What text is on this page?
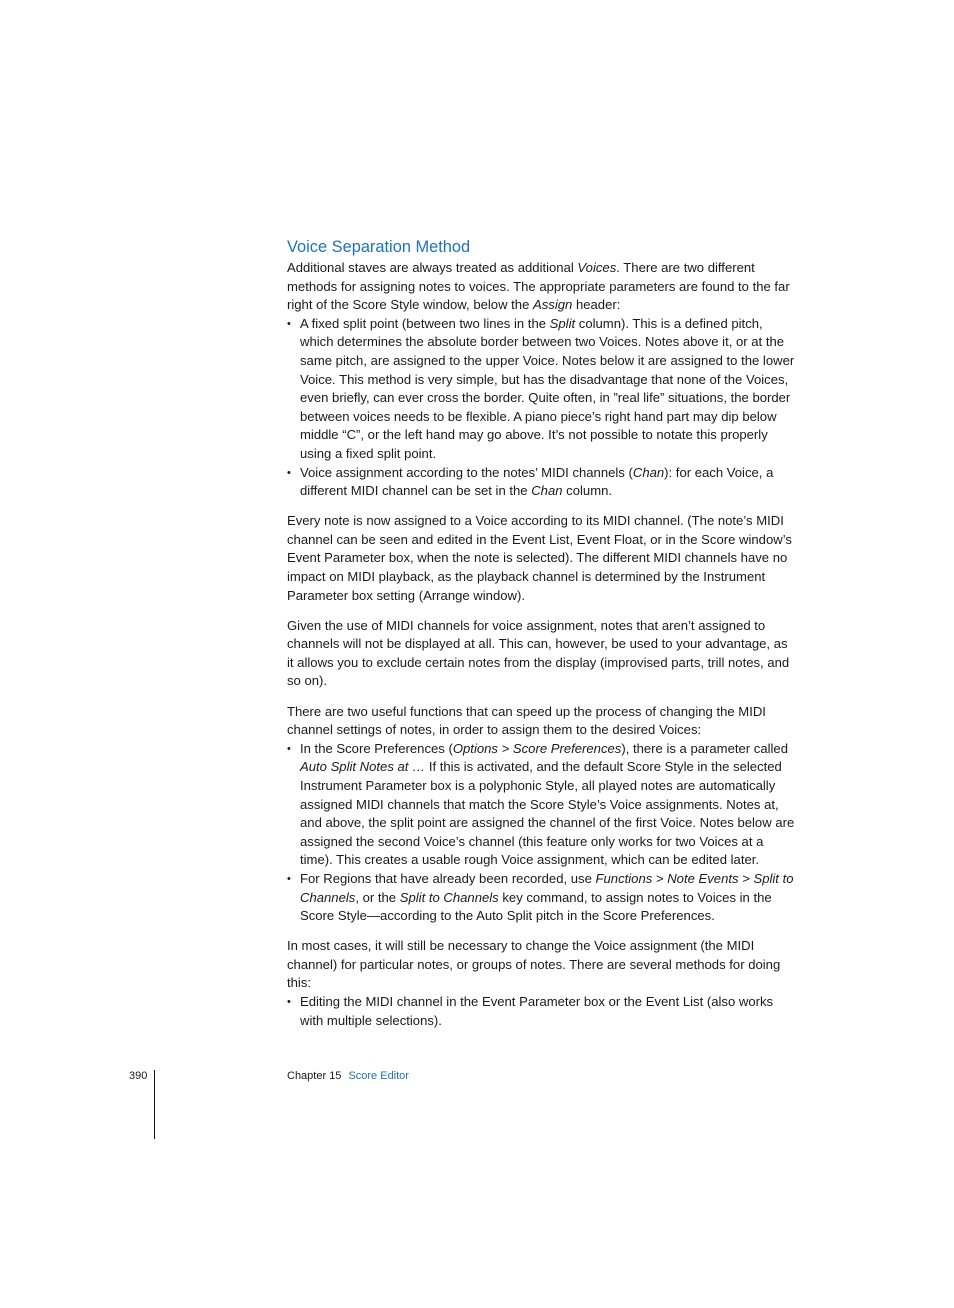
Voice Separation Method

Additional staves are always treated as additional Voices. There are two different methods for assigning notes to voices. The appropriate parameters are found to the far right of the Score Style window, below the Assign header:

• A fixed split point (between two lines in the Split column). This is a defined pitch, which determines the absolute border between two Voices. Notes above it, or at the same pitch, are assigned to the upper Voice. Notes below it are assigned to the lower Voice. This method is very simple, but has the disadvantage that none of the Voices, even briefly, can ever cross the border. Quite often, in ”real life” situations, the border between voices needs to be flexible. A piano piece’s right hand part may dip below middle “C”, or the left hand may go above. It’s not possible to notate this properly using a fixed split point.
• Voice assignment according to the notes’ MIDI channels (Chan): for each Voice, a different MIDI channel can be set in the Chan column.

Every note is now assigned to a Voice according to its MIDI channel. (The note’s MIDI channel can be seen and edited in the Event List, Event Float, or in the Score window’s Event Parameter box, when the note is selected). The different MIDI channels have no impact on MIDI playback, as the playback channel is determined by the Instrument Parameter box setting (Arrange window).

Given the use of MIDI channels for voice assignment, notes that aren’t assigned to channels will not be displayed at all. This can, however, be used to your advantage, as it allows you to exclude certain notes from the display (improvised parts, trill notes, and so on).

There are two useful functions that can speed up the process of changing the MIDI channel settings of notes, in order to assign them to the desired Voices:

• In the Score Preferences (Options > Score Preferences), there is a parameter called Auto Split Notes at … If this is activated, and the default Score Style in the selected Instrument Parameter box is a polyphonic Style, all played notes are automatically assigned MIDI channels that match the Score Style’s Voice assignments. Notes at, and above, the split point are assigned the channel of the first Voice. Notes below are assigned the second Voice’s channel (this feature only works for two Voices at a time). This creates a usable rough Voice assignment, which can be edited later.
• For Regions that have already been recorded, use Functions > Note Events > Split to Channels, or the Split to Channels key command, to assign notes to Voices in the Score Style—according to the Auto Split pitch in the Score Preferences.

In most cases, it will still be necessary to change the Voice assignment (the MIDI channel) for particular notes, or groups of notes. There are several methods for doing this:

• Editing the MIDI channel in the Event Parameter box or the Event List (also works with multiple selections).
390	Chapter 15 Score Editor
